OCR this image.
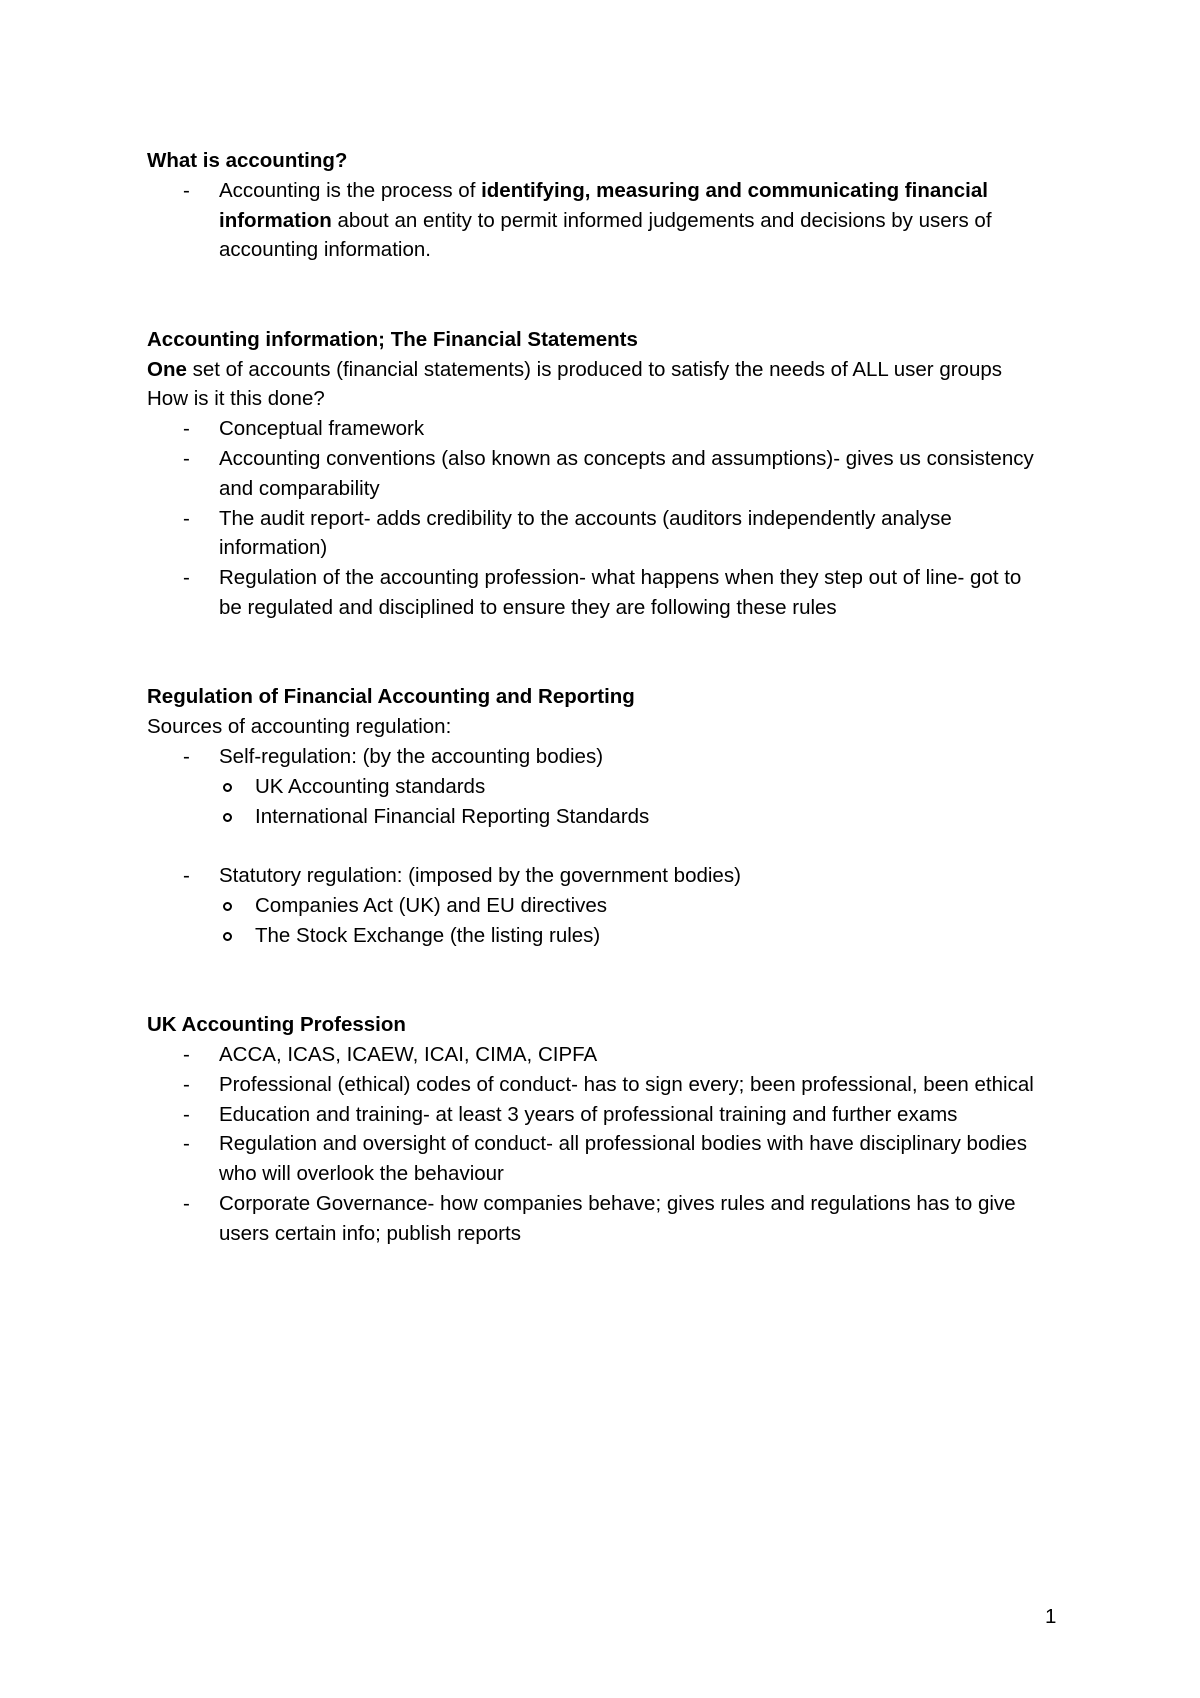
What is accounting?
- Accounting is the process of identifying, measuring and communicating financial information about an entity to permit informed judgements and decisions by users of accounting information.
Accounting information; The Financial Statements

One set of accounts (financial statements) is produced to satisfy the needs of ALL user groups

How is it this done?

- Conceptual framework
- Accounting conventions (also known as concepts and assumptions)- gives us consistency and comparability
- The audit report- adds credibility to the accounts (auditors independently analyse information)
- Regulation of the accounting profession- what happens when they step out of line- got to be regulated and disciplined to ensure they are following these rules
Regulation of Financial Accounting and Reporting

Sources of accounting regulation:

- Self-regulation: (by the accounting bodies)
UK Accounting standards
International Financial Reporting Standards
- Statutory regulation: (imposed by the government bodies)
Companies Act (UK) and EU directives
The Stock Exchange (the listing rules)
UK Accounting Profession
- ACCA, ICAS, ICAEW, ICAI, CIMA, CIPFA
- Professional (ethical) codes of conduct- has to sign every; been professional, been ethical
- Education and training- at least 3 years of professional training and further exams
- Regulation and oversight of conduct- all professional bodies with have disciplinary bodies who will overlook the behaviour
- Corporate Governance- how companies behave; gives rules and regulations has to give users certain info; publish reports
1
